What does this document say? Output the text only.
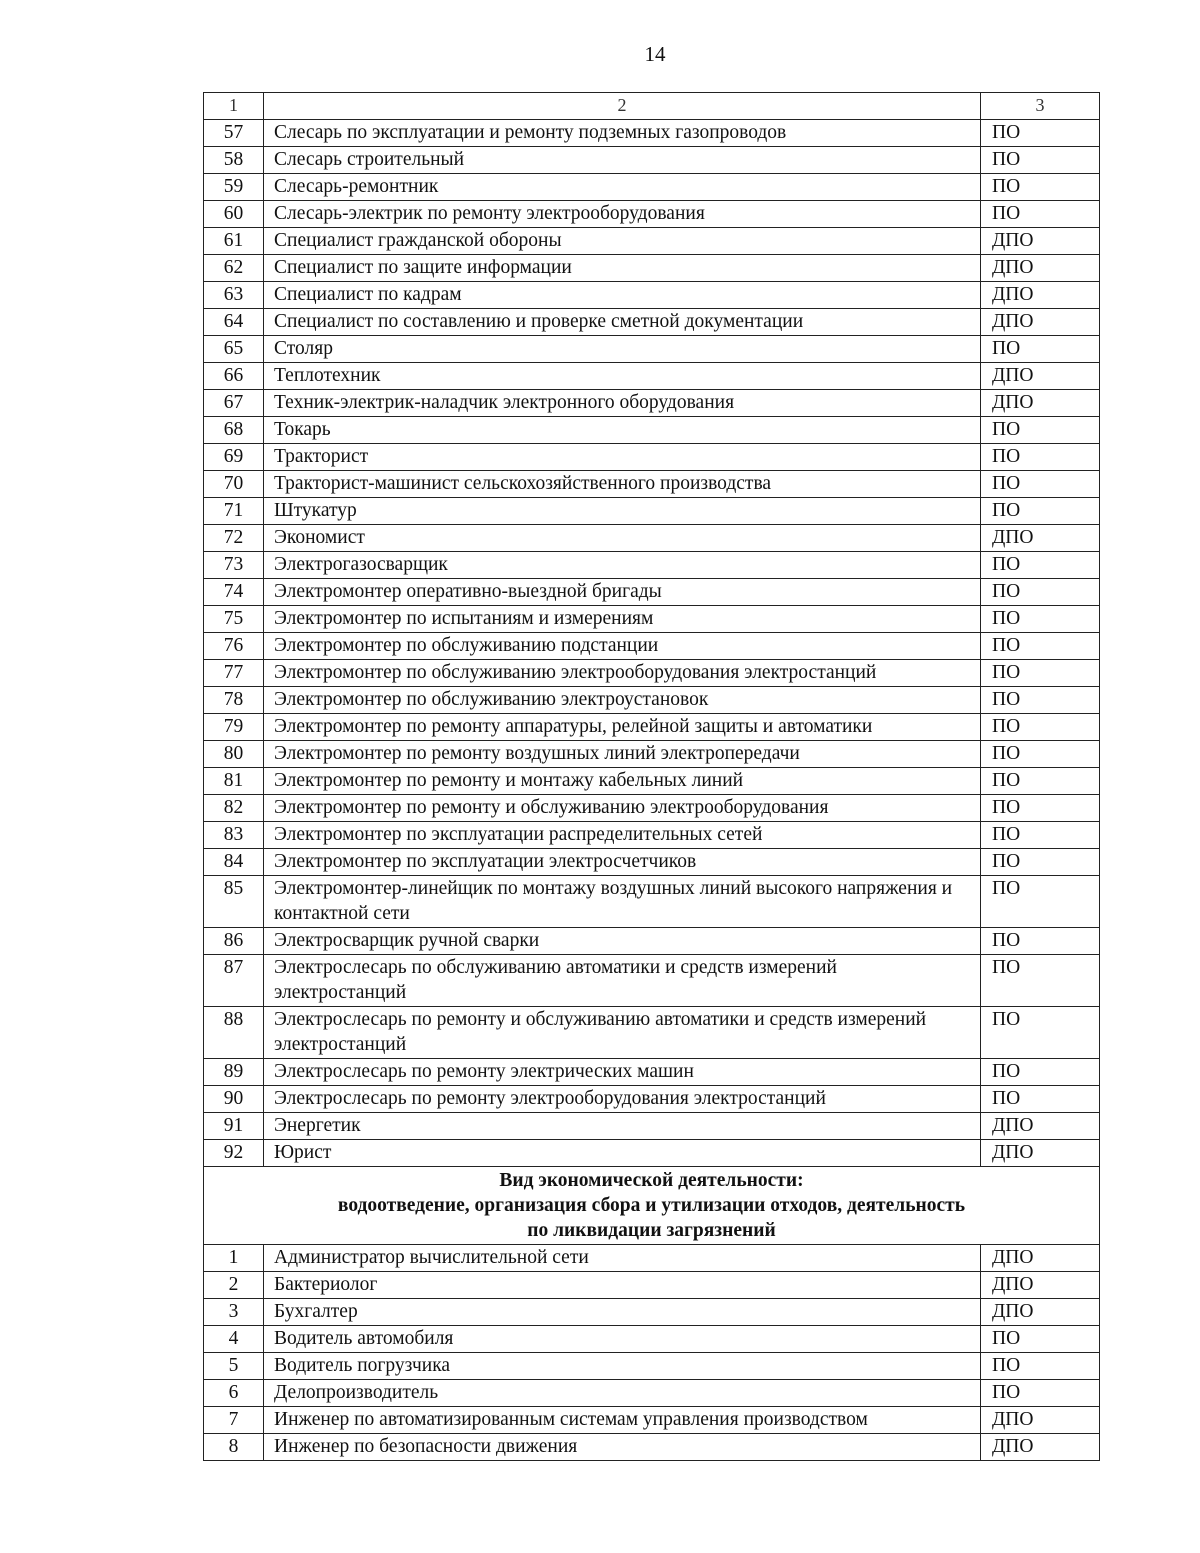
14
1	2	3
57	Слесарь по эксплуатации и ремонту подземных газопроводов	ПО
58	Слесарь строительный	ПО
59	Слесарь-ремонтник	ПО
60	Слесарь-электрик по ремонту электрооборудования	ПО
61	Специалист гражданской обороны	ДПО
62	Специалист по защите информации	ДПО
63	Специалист по кадрам	ДПО
64	Специалист по составлению и проверке сметной документации	ДПО
65	Столяр	ПО
66	Теплотехник	ДПО
67	Техник-электрик-наладчик электронного оборудования	ДПО
68	Токарь	ПО
69	Тракторист	ПО
70	Тракторист-машинист сельскохозяйственного производства	ПО
71	Штукатур	ПО
72	Экономист	ДПО
73	Электрогазосварщик	ПО
74	Электромонтер оперативно-выездной бригады	ПО
75	Электромонтер по испытаниям и измерениям	ПО
76	Электромонтер по обслуживанию подстанции	ПО
77	Электромонтер по обслуживанию электрооборудования электростанций	ПО
78	Электромонтер по обслуживанию электроустановок	ПО
79	Электромонтер по ремонту аппаратуры, релейной защиты и автоматики	ПО
80	Электромонтер по ремонту воздушных линий электропередачи	ПО
81	Электромонтер по ремонту и монтажу кабельных линий	ПО
82	Электромонтер по ремонту и обслуживанию электрооборудования	ПО
83	Электромонтер по эксплуатации распределительных сетей	ПО
84	Электромонтер по эксплуатации электросчетчиков	ПО
85	Электромонтер-линейщик по монтажу воздушных линий высокого напряжения и контактной сети	ПО
86	Электросварщик ручной сварки	ПО
87	Электрослесарь по обслуживанию автоматики и средств измерений электростанций	ПО
88	Электрослесарь по ремонту и обслуживанию автоматики и средств измерений электростанций	ПО
89	Электрослесарь по ремонту электрических машин	ПО
90	Электрослесарь по ремонту электрооборудования электростанций	ПО
91	Энергетик	ДПО
92	Юрист	ДПО

Вид экономической деятельности:
водоотведение, организация сбора и утилизации отходов, деятельность
по ликвидации загрязнений		

1	Администратор вычислительной сети	ДПО
2	Бактериолог	ДПО
3	Бухгалтер	ДПО
4	Водитель автомобиля	ПО
5	Водитель погрузчика	ПО
6	Делопроизводитель	ПО
7	Инженер по автоматизированным системам управления производством	ДПО
8	Инженер по безопасности движения	ДПО
